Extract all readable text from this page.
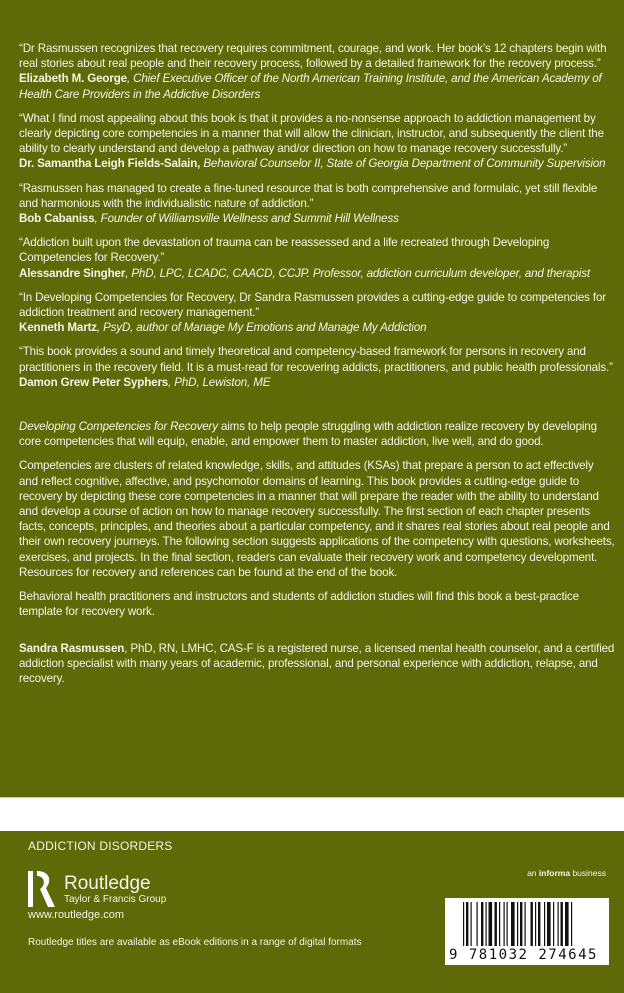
“Dr Rasmussen recognizes that recovery requires commitment, courage, and work. Her book’s 12 chapters begin with real stories about real people and their recovery process, followed by a detailed framework for the recovery process.”

Elizabeth M. George, Chief Executive Officer of the North American Training Institute, and the American Academy of Health Care Providers in the Addictive Disorders

“What I find most appealing about this book is that it provides a no-nonsense approach to addiction management by clearly depicting core competencies in a manner that will allow the clinician, instructor, and subsequently the client the ability to clearly understand and develop a pathway and/or direction on how to manage recovery successfully.”

Dr. Samantha Leigh Fields-Salain, Behavioral Counselor II, State of Georgia Department of Community Supervision

“Rasmussen has managed to create a fine-tuned resource that is both comprehensive and formulaic, yet still flexible and harmonious with the individualistic nature of addiction.”

Bob Cabaniss, Founder of Williamsville Wellness and Summit Hill Wellness

“Addiction built upon the devastation of trauma can be reassessed and a life recreated through Developing Competencies for Recovery.”

Alessandre Singher, PhD, LPC, LCADC, CAACD, CCJP. Professor, addiction curriculum developer, and therapist

“In Developing Competencies for Recovery, Dr Sandra Rasmussen provides a cutting-edge guide to competencies for addiction treatment and recovery management.”

Kenneth Martz, PsyD, author of Manage My Emotions and Manage My Addiction

“This book provides a sound and timely theoretical and competency-based framework for persons in recovery and practitioners in the recovery field. It is a must-read for recovering addicts, practitioners, and public health professionals.”

Damon Grew Peter Syphers, PhD, Lewiston, ME

Developing Competencies for Recovery aims to help people struggling with addiction realize recovery by developing core competencies that will equip, enable, and empower them to master addiction, live well, and do good.

Competencies are clusters of related knowledge, skills, and attitudes (KSAs) that prepare a person to act effectively and reflect cognitive, affective, and psychomotor domains of learning. This book provides a cutting-edge guide to recovery by depicting these core competencies in a manner that will prepare the reader with the ability to understand and develop a course of action on how to manage recovery successfully. The first section of each chapter presents facts, concepts, principles, and theories about a particular competency, and it shares real stories about real people and their own recovery journeys. The following section suggests applications of the competency with questions, worksheets, exercises, and projects. In the final section, readers can evaluate their recovery work and competency development. Resources for recovery and references can be found at the end of the book.

Behavioral health practitioners and instructors and students of addiction studies will find this book a best-practice template for recovery work.

Sandra Rasmussen, PhD, RN, LMHC, CAS-F is a registered nurse, a licensed mental health counselor, and a certified addiction specialist with many years of academic, professional, and personal experience with addiction, relapse, and recovery.

ADDICTION DISORDERS
Routledge
Taylor & Francis Group
www.routledge.com
Routledge titles are available as eBook editions in a range of digital formats
an informa business
9 781032 274645
